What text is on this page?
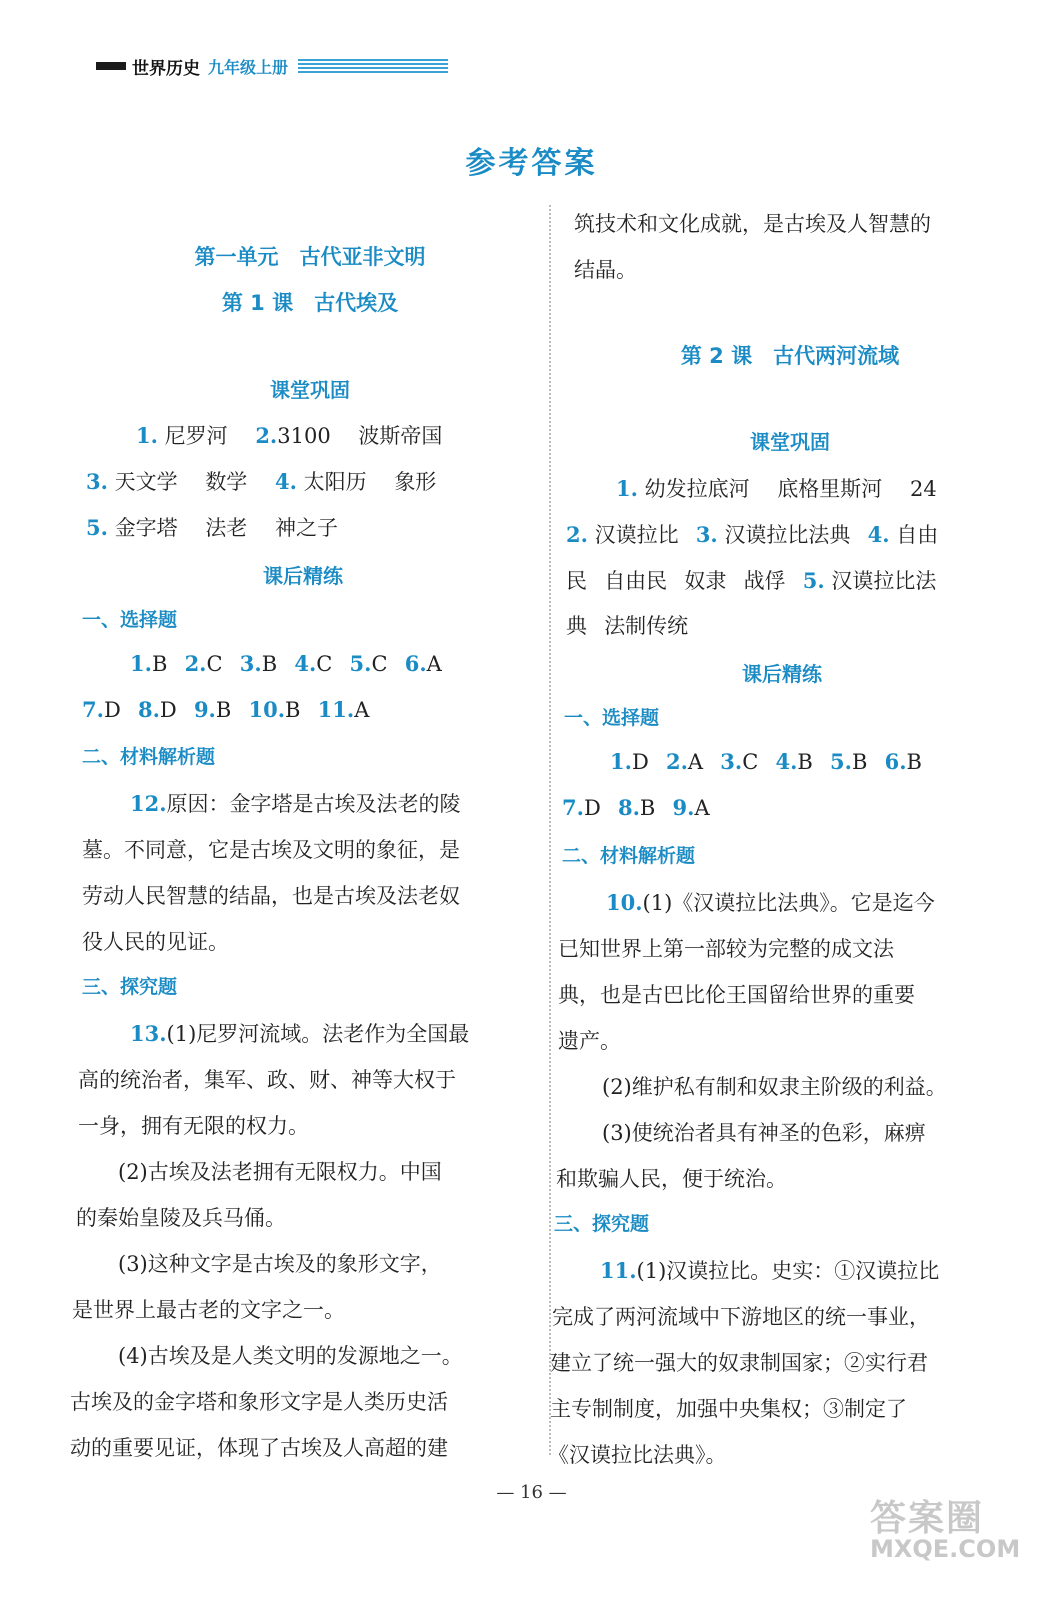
世界历史 九年级上册
参考答案
第一单元　古代亚非文明
第 1 课　古代埃及
课堂巩固
1. 尼罗河  2.3100  波斯帝国
3. 天文学  数学  4. 太阳历  象形
5. 金字塔  法老  神之子
课后精练
一、选择题
1.B  2.C  3.B  4.C  5.C  6.A
7.D  8.D  9.B  10.B  11.A
二、材料解析题
12.原因：金字塔是古埃及法老的陵
墓。不同意，它是古埃及文明的象征，是
劳动人民智慧的结晶，也是古埃及法老奴
役人民的见证。
三、探究题
13.(1)尼罗河流域。法老作为全国最
高的统治者，集军、政、财、神等大权于
一身，拥有无限的权力。
(2)古埃及法老拥有无限权力。中国
的秦始皇陵及兵马俑。
(3)这种文字是古埃及的象形文字，
是世界上最古老的文字之一。
(4)古埃及是人类文明的发源地之一。
古埃及的金字塔和象形文字是人类历史活
动的重要见证，体现了古埃及人高超的建
筑技术和文化成就，是古埃及人智慧的
结晶。
第 2 课　古代两河流域
课堂巩固
1. 幼发拉底河  底格里斯河  24
2. 汉谟拉比  3. 汉谟拉比法典  4. 自由
民  自由民  奴隶  战俘  5. 汉谟拉比法
典  法制传统
课后精练
一、选择题
1.D  2.A  3.C  4.B  5.B  6.B
7.D  8.B  9.A
二、材料解析题
10.(1)《汉谟拉比法典》。它是迄今
已知世界上第一部较为完整的成文法
典，也是古巴比伦王国留给世界的重要
遗产。
(2)维护私有制和奴隶主阶级的利益。
(3)使统治者具有神圣的色彩，麻痹
和欺骗人民，便于统治。
三、探究题
11.(1)汉谟拉比。史实：①汉谟拉比
完成了两河流域中下游地区的统一事业，
建立了统一强大的奴隶制国家；②实行君
主专制制度，加强中央集权；③制定了
《汉谟拉比法典》。
— 16 —
答案圈
MXQE.COM
